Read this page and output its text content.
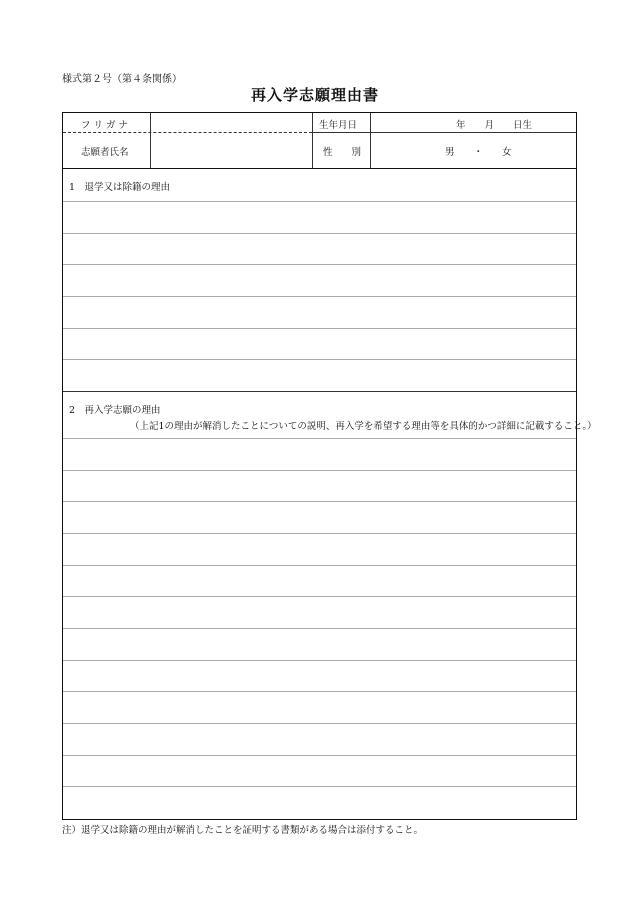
様式第２号（第４条関係）
再入学志願理由書
フ リ ガ ナ
志願者氏名
生年月日	年　　月　　日生
性　　別	男　　・　　女
1　退学又は除籍の理由
2　再入学志願の理由
（上記1の理由が解消したことについての説明、再入学を希望する理由等を具体的かつ詳細に記載すること。）
注）退学又は除籍の理由が解消したことを証明する書類がある場合は添付すること。
